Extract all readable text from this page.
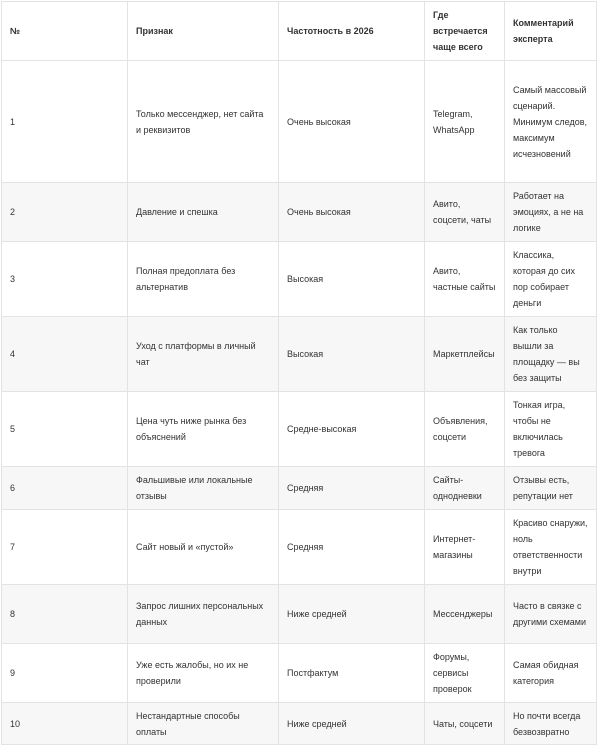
№	Признак	Частотность в 2026	Где встречается чаще всего	Комментарий эксперта
1	Только мессенджер, нет сайта и реквизитов	Очень высокая	Telegram, WhatsApp	Самый массовый сценарий. Минимум следов, максимум исчезновений
2	Давление и спешка	Очень высокая	Авито, соцсети, чаты	Работает на эмоциях, а не на логике
3	Полная предоплата без альтернатив	Высокая	Авито, частные сайты	Классика, которая до сих пор собирает деньги
4	Уход с платформы в личный чат	Высокая	Маркетплейсы	Как только вышли за площадку — вы без защиты
5	Цена чуть ниже рынка без объяснений	Средне-высокая	Объявления, соцсети	Тонкая игра, чтобы не включилась тревога
6	Фальшивые или локальные отзывы	Средняя	Сайты-однодневки	Отзывы есть, репутации нет
7	Сайт новый и «пустой»	Средняя	Интернет-магазины	Красиво снаружи, ноль ответственности внутри
8	Запрос лишних персональных данных	Ниже средней	Мессенджеры	Часто в связке с другими схемами
9	Уже есть жалобы, но их не проверили	Постфактум	Форумы, сервисы проверок	Самая обидная категория
10	Нестандартные способы оплаты	Ниже средней	Чаты, соцсети	Но почти всегда безвозвратно
